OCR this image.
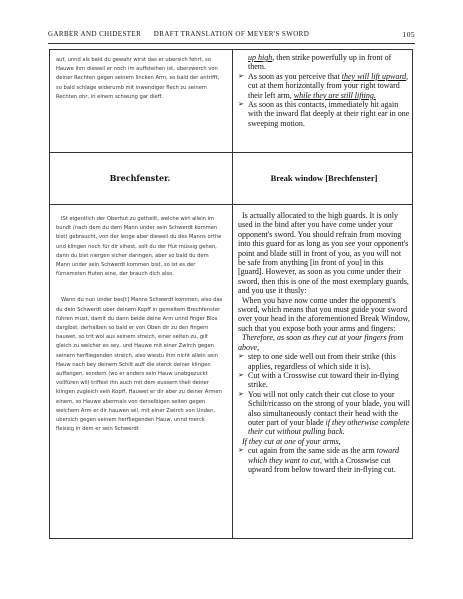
GARBER AND CHIDESTER	DRAFT TRANSLATION OF MEYER'S SWORD	105

auf, unnd als bald du gewahr wirst das er ubersich fehrt, so Hauwe ihm dieweil er noch im auffsteihen ist, uberzwerch von deiner Rechten gegen seinem lincken Arm, so bald der antrifft, so bald schlage widerumb mit inwendiger flech zu seinem Rechten ohr, in einem schwung gar dieff.

up high, then strike powerfully up in front of them.

➢ As soon as you perceive that they will lift upward, cut at them horizontally from your right toward their left arm, while they are still lifting.

➢ As soon as this contacts, immediately hit again with the inward flat deeply at their right ear in one sweeping motion.

Brechfenster.	Break window [Brechfenster]

ISt eigentlich der Oberhut zu getheilt, welche wirt allein im bundt (nach dem du dem Mann under sein Schwerdt kommen bist) gebraucht, von der lenge aber dieweil du des Manns orthe und klingen noch für dir sihest, solt du der Hut müssig gehen, dann du bist niergen sicher daringen, aber so bald du dem Mann under sein Schwerdt kommen bist, so ist es der fürnemsten Huten eine, der brauch dich also.

Wann du nun under bes[t] Manns Schwerdt kommen, also das du dein Schwerdt uber deinem Kopff in gemeltem Brechfenster führen must, damit du dann beide deine Arm unnd finger Blos dargibst, derhalben so bald er von Oben dir zu den fingern hauwet, so trit wol aus seinem streich, einer seiten zu, gilt gleich zu welcher es sey, und Hauwe mit einer Zwirch gegen seinem herfliegenden streich, also wiestu ihm nicht allein sein Hauw nach bey deinem Schilt auff die sterck deiner klingen auffangen, sondern (wo er anders sein Hauw unabgezuckt vollfüren wil) triffest ihn auch mit dem eussern theil deiner klingen zugleich sein Kopff, Hauwet er dir aber zu deiner Armen einem, so Hauwe abermals von derselbigen seiten gegen welchem Arm er dir hauwen wil, mit einer Zwirch von Unden, ubersich gegen seinem herfliegenden Hauw, unnd merck fleissig in dem er sein Schwerdt

Is actually allocated to the high guards. It is only used in the bind after you have come under your opponent's sword. You should refrain from moving into this guard for as long as you see your opponent's point and blade still in front of you, as you will not be safe from anything [in front of you] in this [guard]. However, as soon as you come under their sword, then this is one of the most exemplary guards, and you use it thusly:

When you have now come under the opponent's sword, which means that you must guide your sword over your head in the aforementioned Break Window, such that you expose both your arms and fingers:

Therefore, as soon as they cut at your fingers from above,

➢ step to one side well out from their strike (this applies, regardless of which side it is).

➢ Cut with a Crosswise cut toward their in-flying strike.

➢ You will not only catch their cut close to your Schilt/ricasso on the strong of your blade, you will also simultaneously contact their head with the outer part of your blade if they otherwise complete their cut without pulling back.

If they cut at one of your arms,

➢ cut again from the same side as the arm toward which they want to cut, with a Crosswise cut upward from below toward their in-flying cut.
